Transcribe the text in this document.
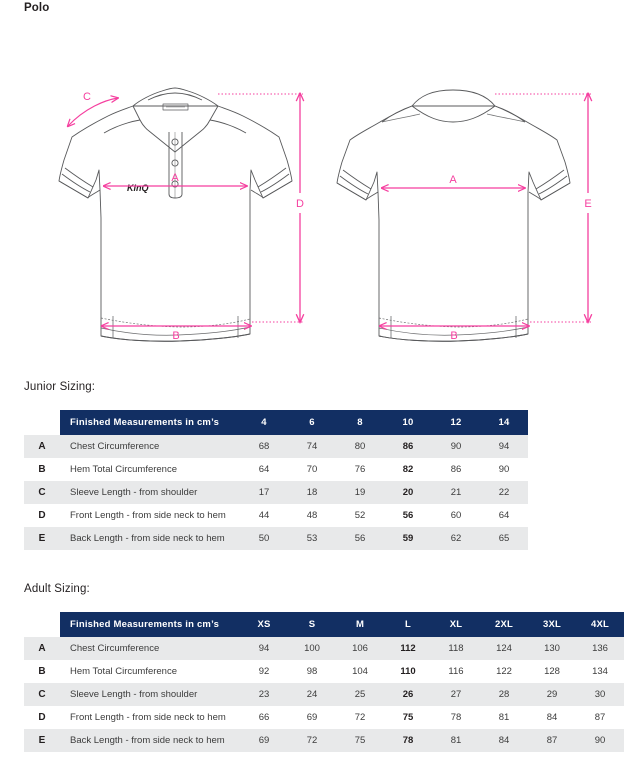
Polo
KinQ
C
A
B
D
A
B
E
Junior Sizing:
	Finished Measurements in cm’s	4	6	8	10	12	14
A	Chest Circumference	68	74	80	86	90	94
B	Hem Total Circumference	64	70	76	82	86	90
C	Sleeve Length - from shoulder	17	18	19	20	21	22
D	Front Length - from side neck to hem	44	48	52	56	60	64
E	Back Length - from side neck to hem	50	53	56	59	62	65
Adult Sizing:
	Finished Measurements in cm’s	XS	S	M	L	XL	2XL	3XL	4XL
A	Chest Circumference	94	100	106	112	118	124	130	136
B	Hem Total Circumference	92	98	104	110	116	122	128	134
C	Sleeve Length - from shoulder	23	24	25	26	27	28	29	30
D	Front Length - from side neck to hem	66	69	72	75	78	81	84	87
E	Back Length - from side neck to hem	69	72	75	78	81	84	87	90
